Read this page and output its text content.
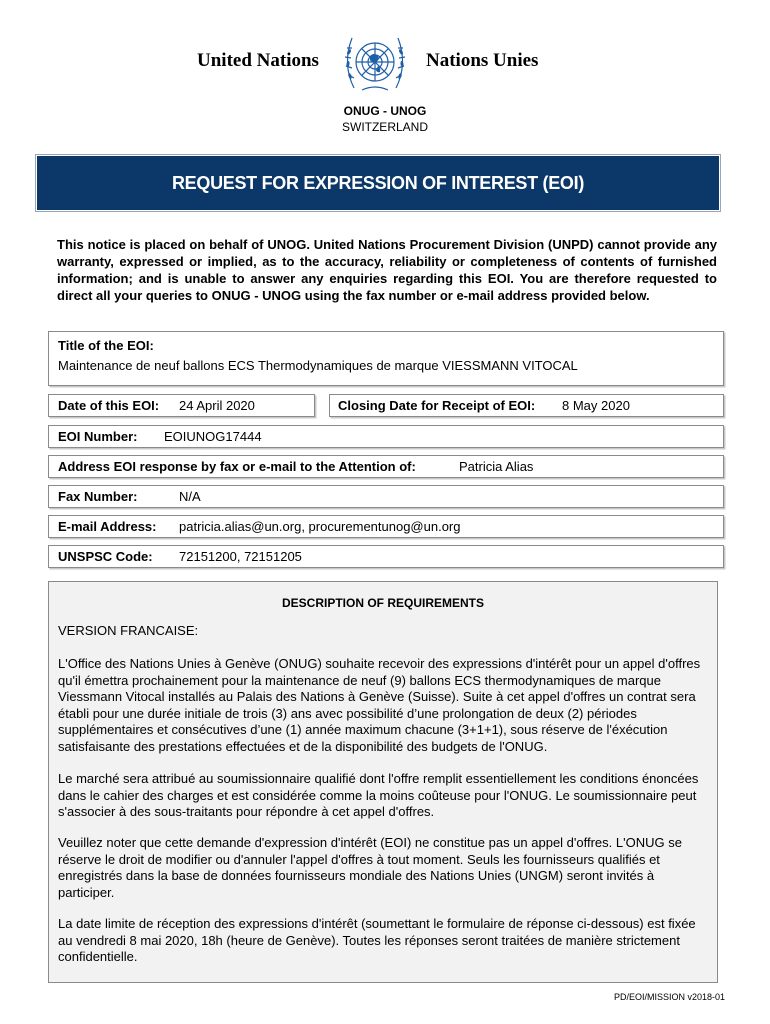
United Nations	Nations Unies
ONUG - UNOG
SWITZERLAND
REQUEST FOR EXPRESSION OF INTEREST (EOI)
This notice is placed on behalf of UNOG. United Nations Procurement Division (UNPD) cannot provide any warranty, expressed or implied, as to the accuracy, reliability or completeness of contents of furnished information; and is unable to answer any enquiries regarding this EOI. You are therefore requested to direct all your queries to ONUG - UNOG using the fax number or e-mail address provided below.
Title of the EOI:
Maintenance de neuf ballons ECS Thermodynamiques de marque VIESSMANN VITOCAL
Date of this EOI: 24 April 2020	Closing Date for Receipt of EOI: 8 May 2020
EOI Number: EOIUNOG17444
Address EOI response by fax or e-mail to the Attention of:	Patricia Alias
Fax Number:	N/A
E-mail Address: patricia.alias@un.org, procurementunog@un.org
UNSPSC Code: 72151200, 72151205
DESCRIPTION OF REQUIREMENTS

VERSION FRANCAISE:

L'Office des Nations Unies à Genève (ONUG) souhaite recevoir des expressions d'intérêt pour un appel d'offres qu'il émettra prochainement pour la maintenance de neuf (9) ballons ECS thermodynamiques de marque Viessmann Vitocal installés au Palais des Nations à Genève (Suisse). Suite à cet appel d'offres un contrat sera établi pour une durée initiale de trois (3) ans avec possibilité d’une prolongation de deux (2) périodes supplémentaires et consécutives d’une (1) année maximum chacune (3+1+1), sous réserve de l'éxécution satisfaisante des prestations effectuées et de la disponibilité des budgets de l'ONUG.

Le marché sera attribué au soumissionnaire qualifié dont l'offre remplit essentiellement les conditions énoncées dans le cahier des charges et est considérée comme la moins coûteuse pour l'ONUG. Le soumissionnaire peut s'associer à des sous-traitants pour répondre à cet appel d'offres.

Veuillez noter que cette demande d'expression d'intérêt (EOI) ne constitue pas un appel d'offres. L'ONUG se réserve le droit de modifier ou d'annuler l'appel d'offres à tout moment. Seuls les fournisseurs qualifiés et enregistrés dans la base de données fournisseurs mondiale des Nations Unies (UNGM) seront invités à participer.

La date limite de réception des expressions d'intérêt (soumettant le formulaire de réponse ci-dessous) est fixée au vendredi 8 mai 2020, 18h (heure de Genève). Toutes les réponses seront traitées de manière strictement confidentielle.

PD/EOI/MISSION v2018-01
